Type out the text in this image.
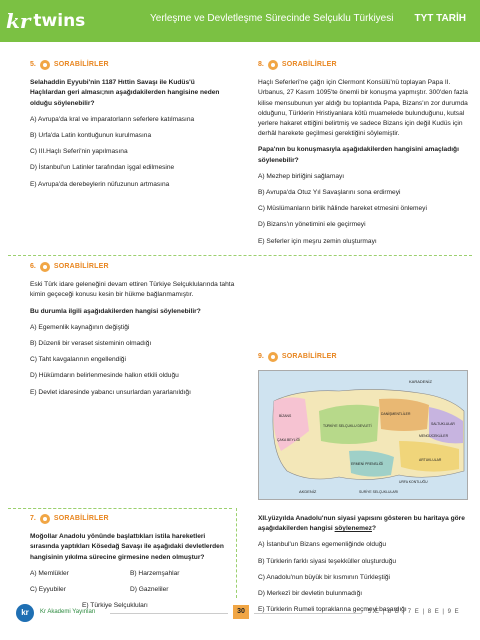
kr twins	Yerleşme ve Devletleşme Sürecinde Selçuklu Türkiyesi TYT TARİH
5.	SORABİLİRLER

Selahaddin Eyyubi'nin 1187 Hıttin Savaşı ile Kudüs'ü Haçlılardan geri alması;nın aşağıdakilerden hangisine neden olduğu söylenebilir?

A) Avrupa'da kral ve imparatorların seferlere katılmasına
B) Urfa'da Latin kontluğunun kurulmasına
C) III.Haçlı Seferi'nin yapılmasına
D) İstanbul'un Latinler tarafından işgal edilmesine
E) Avrupa'da derebeylerin nüfuzunun artmasına
8.	SORABİLİRLER

Haçlı Seferleri'ne çağrı için Clermont Konsülü'nü toplayan Papa II. Urbanus, 27 Kasım 1095'te önemli bir konuşma yapmıştır. 300'den fazla kilise mensubunun yer aldığı bu toplantıda Papa, Bizans'ın zor durumda olduğunu, Türklerin Hristiyanlara kötü muamelede bulunduğunu, kutsal yerlere hakaret ettiğini belirtmiş ve sadece Bizans için değil Kudüs için derhâl harekete geçilmesi gerektiğini söylemiştir.

Papa'nın bu konuşmasıyla aşağıdakilerden hangisini amaçladığı söylenebilir?

A) Mezhep birliğini sağlamayı
B) Avrupa'da Otuz Yıl Savaşlarını sona erdirmeyi
C) Müslümanların birlik hâlinde hareket etmesini önlemeyi
D) Bizans'ın yönetimini ele geçirmeyi
E) Seferler için meşru zemin oluşturmayı
6.	SORABİLİRLER

Eski Türk idare geleneğini devam ettiren Türkiye Selçuklularında tahta kimin geçeceği konusu kesin bir hükme bağlanmamıştır.

Bu durumla ilgili aşağıdakilerden hangisi söylenebilir?

A) Egemenlik kaynağının değiştiği
B) Düzenli bir veraset sisteminin olmadığı
C) Taht kavgalarının engellendiği
D) Hükümdarın belirlenmesinde halkın etkili olduğu
E) Devlet idaresinde yabancı unsurlardan yararlanıldığı
9.	SORABİLİRLER
KARADENİZ
AKDENİZ
BİZANS	DANİŞMENTLİLER
SALTUKLULAR
MENGÜCEKLİLER
ARTUKLULAR
TÜRKİYE SELÇUKLU DEVLETİ
ÇAKA BEYLİĞİ
ERMENİ PRENSLİĞİ
URFA KONTLUĞU
SURİYE SELÇUKLULARI

XII.yüzyılda Anadolu'nun siyasi yapısını gösteren bu haritaya göre aşağıdakilerden hangisi söylenemez?

A) İstanbul'un Bizans egemenliğinde olduğu
B) Türklerin farklı siyasi teşekküller oluşturduğu
C) Anadolu'nun büyük bir kısmının Türkleştiği
D) Merkezî bir devletin bulunmadığı
E) Türklerin Rumeli topraklarına geçmeyi başardığı
7.	SORABİLİRLER

Moğollar Anadolu yönünde başlattıkları istila hareketleri sırasında yaptıkları Kösedağ Savaşı ile aşağıdaki devletlerden hangisinin yıkılma sürecine girmesine neden olmuştur?

A) Memlükler	B) Harzemşahlar
C) Eyyubiler	D) Gazneliler
E) Türkiye Selçukluları
kr	Kr Akademi Yayınları	30	5 E | 6 B | 7 E | 8 E | 9 E
